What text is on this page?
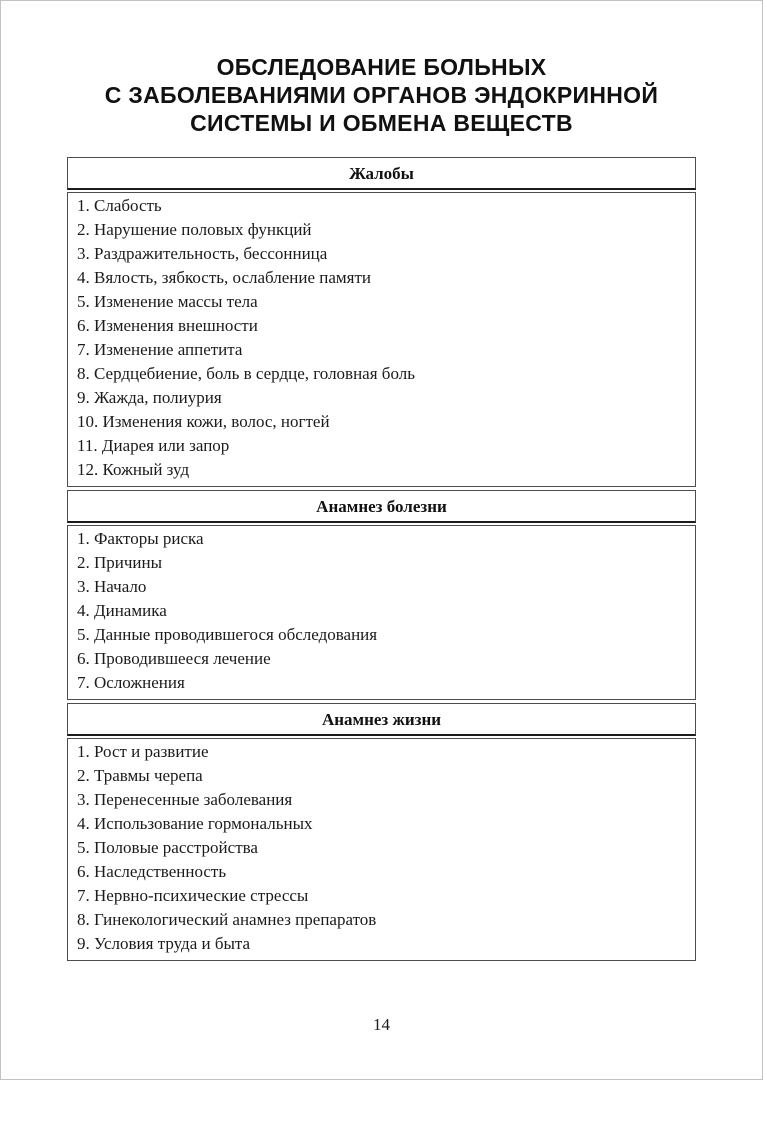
ОБСЛЕДОВАНИЕ БОЛЬНЫХ
С ЗАБОЛЕВАНИЯМИ ОРГАНОВ ЭНДОКРИННОЙ
СИСТЕМЫ И ОБМЕНА ВЕЩЕСТВ
Жалобы
1. Слабость
2. Нарушение половых функций
3. Раздражительность, бессонница
4. Вялость, зябкость, ослабление памяти
5. Изменение массы тела
6. Изменения внешности
7. Изменение аппетита
8. Сердцебиение, боль в сердце, головная боль
9. Жажда, полиурия
10. Изменения кожи, волос, ногтей
11. Диарея или запор
12. Кожный зуд
Анамнез болезни
1. Факторы риска
2. Причины
3. Начало
4. Динамика
5. Данные проводившегося обследования
6. Проводившееся лечение
7. Осложнения
Анамнез жизни
1. Рост и развитие
2. Травмы черепа
3. Перенесенные заболевания
4. Использование гормональных
5. Половые расстройства
6. Наследственность
7. Нервно-психические стрессы
8. Гинекологический анамнез препаратов
9. Условия труда и быта
14
